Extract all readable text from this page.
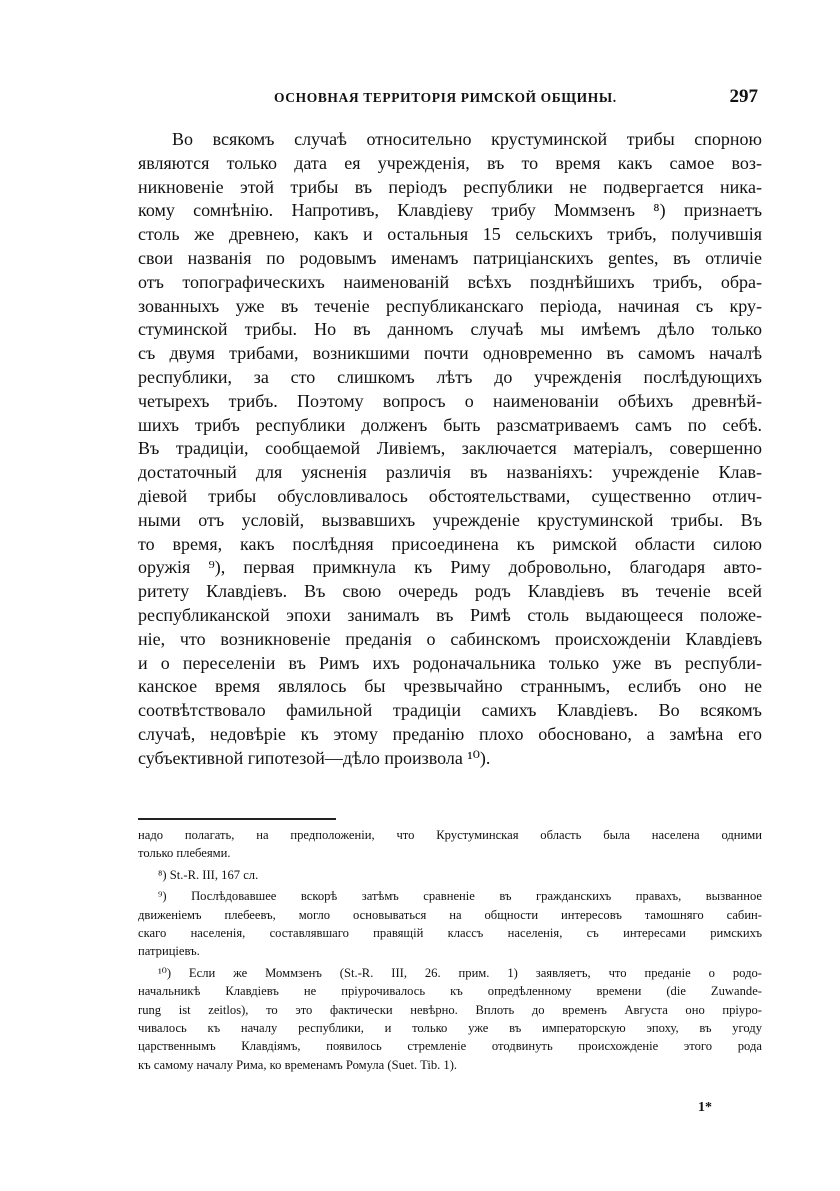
ОСНОВНАЯ ТЕРРИТОРІЯ РИМСКОЙ ОБЩИНЫ.	297
Во всякомъ случаѣ относительно крустуминской трибы спорною
являются только дата ея учрежденія, въ то время какъ самое воз-
никновеніе этой трибы въ періодъ республики не подвергается никa-
кому сомнѣнію. Напротивъ, Клавдіеву трибу Моммзенъ ⁸) признаетъ
столь же древнею, какъ и остальныя 15 сельскихъ трибъ, получившія
свои названія по родовымъ именамъ патриціанскихъ gentes, въ отличіе
отъ топографическихъ наименованій всѣхъ позднѣйшихъ трибъ, обра-
зованныхъ уже въ теченіе республиканскаго періода, начиная съ кру-
стуминской трибы. Но въ данномъ случаѣ мы имѣемъ дѣло только
съ двумя трибами, возникшими почти одновременно въ самомъ началѣ
республики, за сто слишкомъ лѣтъ до учрежденія послѣдующихъ
четырехъ трибъ. Поэтому вопросъ о наименованіи обѣихъ древнѣй-
шихъ трибъ республики долженъ быть разсматриваемъ самъ по себѣ.
Въ традиціи, сообщаемой Ливіемъ, заключается матеріалъ, совершенно
достаточный для уясненія различія въ названіяхъ: учрежденіе Клав-
діевой трибы обусловливалось обстоятельствами, существенно отлич-
ными отъ условій, вызвавшихъ учрежденіе крустуминской трибы. Въ
то время, какъ послѣдняя присоединена къ римской области силою
оружія ⁹), первая примкнула къ Риму добровольно, благодаря авто-
ритету Клавдіевъ. Въ свою очередь родъ Клавдіевъ въ теченіе всей
республиканской эпохи занималъ въ Римѣ столь выдающееся положе-
ніе, что возникновеніе преданія о сабинскомъ происхожденіи Клавдіевъ
и о переселеніи въ Римъ ихъ родоначальника только уже въ республи-
канское время являлось бы чрезвычайно страннымъ, еслибъ оно не
соотвѣтствовало фамильной традиціи самихъ Клавдіевъ. Во всякомъ
случаѣ, недовѣріе къ этому преданію плохо обосновано, а замѣна его
субъективной гипотезой—дѣло произвола ¹⁰).
надо полагать, на предположеніи, что Крустуминская область была населена одними
только плебеями.
⁸) St.-R. III, 167 сл.
⁹) Послѣдовавшее вскорѣ затѣмъ сравненіе въ гражданскихъ правахъ, вызванное
движеніемъ плебеевъ, могло основываться на общности интересовъ тамошняго сабин-
скаго населенія, составлявшаго правящій классъ населенія, съ интересами римскихъ
патриціевъ.
¹⁰) Если же Моммзенъ (St.-R. III, 26. прим. 1) заявляетъ, что преданіе о родо-
начальникѣ Клавдіевъ не пріурочивалось къ опредѣленному времени (die Zuwande-
rung ist zeitlos), то это фактически невѣрно. Вплоть до временъ Августа оно пріуро-
чивалось къ началу республики, и только уже въ императорскую эпоху, въ угоду
царственнымъ Клавдіямъ, появилось стремленіе отодвинуть происхожденіе этого рода
къ самому началу Рима, ко временамъ Ромула (Suet. Tib. 1).
1*
